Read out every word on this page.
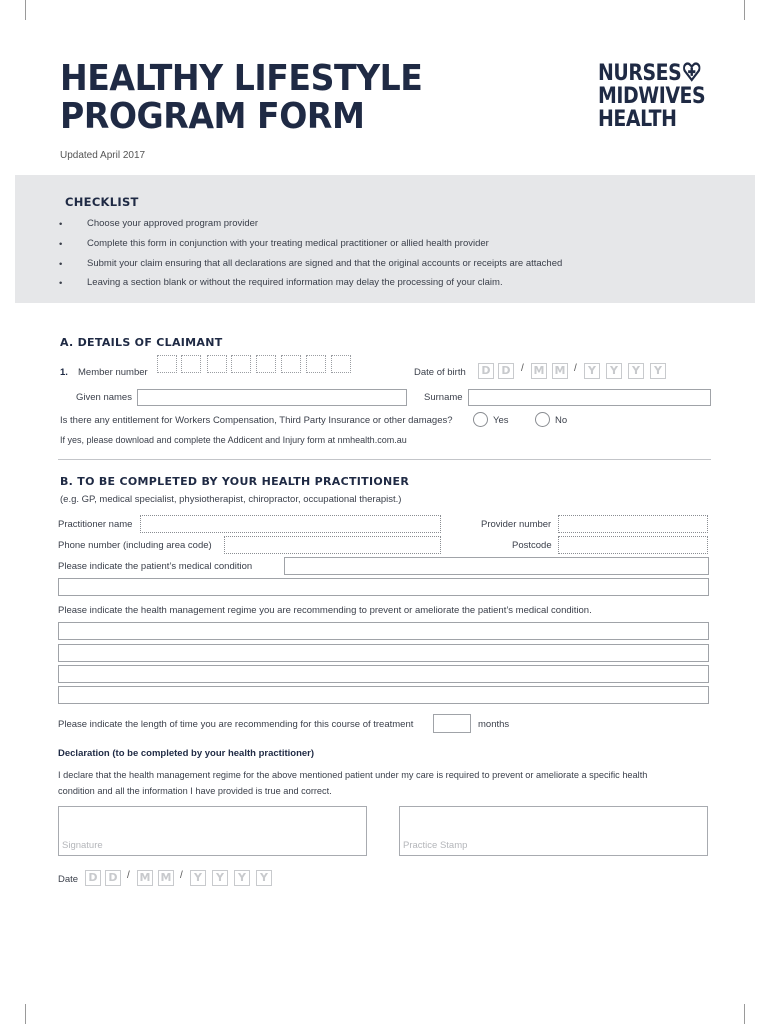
HEALTHY LIFESTYLE
PROGRAM FORM
NURSES
MIDWIVES
HEALTH
Updated April 2017
CHECKLIST
•	Choose your approved program provider
•	Complete this form in conjunction with your treating medical practitioner or allied health provider
•	Submit your claim ensuring that all declarations are signed and that the original accounts or receipts are attached
•	Leaving a section blank or without the required information may delay the processing of your claim.
A. DETAILS OF CLAIMANT
1. Member number	Date of birth	D D	/ M M /	Y	Y	Y	Y
Given names	Surname
Is there any entitlement for Workers Compensation, Third Party Insurance or other damages?	Yes	No
If yes, please download and complete the Addicent and Injury form at nmhealth.com.au
B. TO BE COMPLETED BY YOUR HEALTH PRACTITIONER
(e.g. GP, medical specialist, physiotherapist, chiropractor, occupational therapist.)
Practitioner name	Provider number
Phone number (including area code)	Postcode
Please indicate the patient’s medical condition
Please indicate the health management regime you are recommending to prevent or ameliorate the patient’s medical condition.
Please indicate the length of time you are recommending for this course of treatment	months
Declaration (to be completed by your health practitioner)
I declare that the health management regime for the above mentioned patient under my care is required to prevent or ameliorate a specific health
condition and all the information I have provided is true and correct.
Signature	Practice Stamp
Date D D / M M /	Y	Y	Y	Y
